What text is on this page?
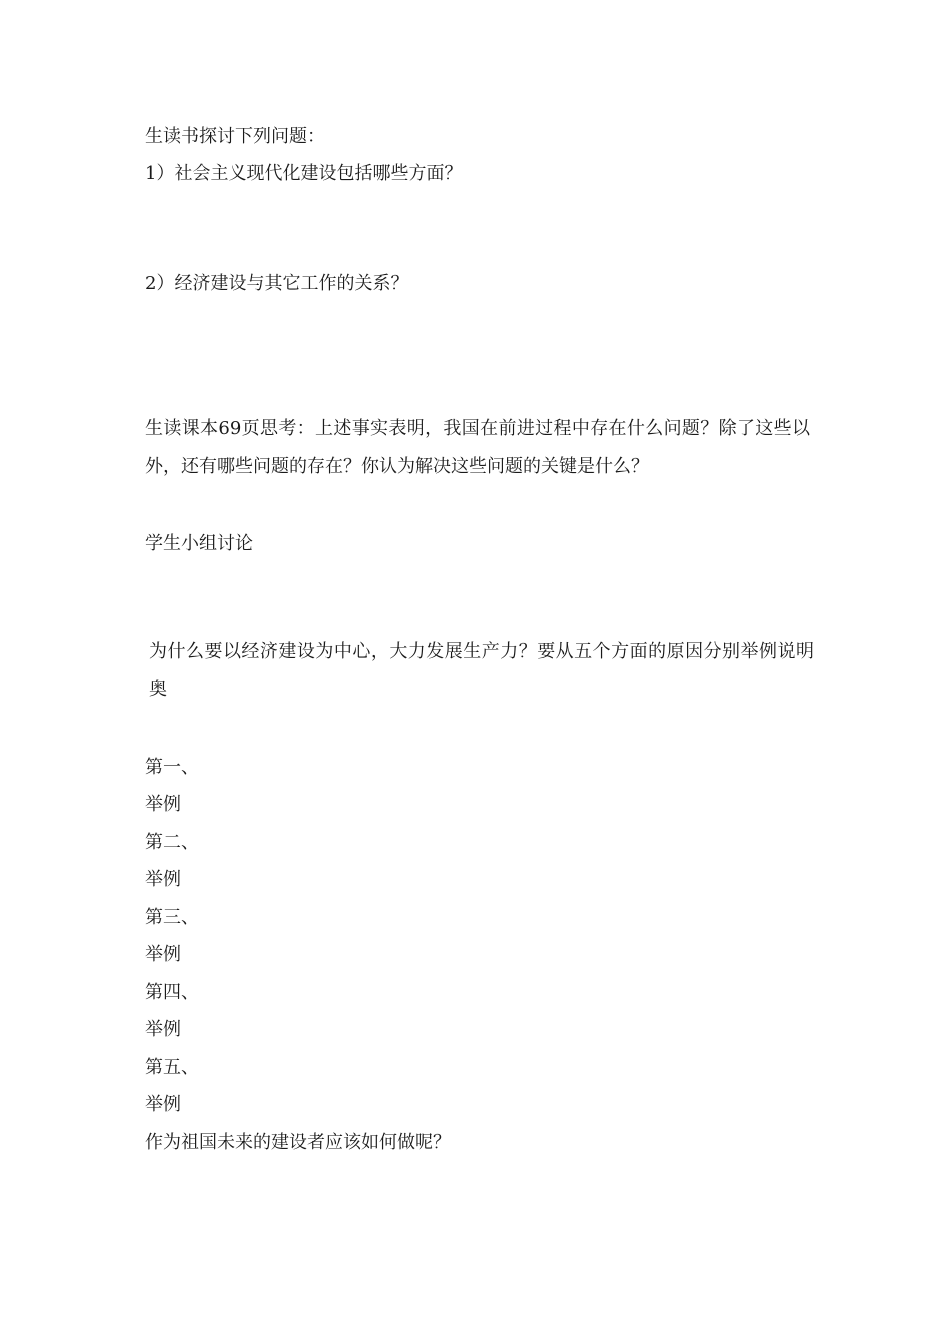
生读书探讨下列问题：

1）社会主义现代化建设包括哪些方面？

2）经济建设与其它工作的关系？

生读课本69页思考：上述事实表明，我国在前进过程中存在什么问题？除了这些以外，还有哪些问题的存在？你认为解决这些问题的关键是什么？

学生小组讨论

为什么要以经济建设为中心，大力发展生产力？要从五个方面的原因分别举例说明奥

第一、

举例

第二、

举例

第三、

举例

第四、

举例

第五、

举例

作为祖国未来的建设者应该如何做呢？
